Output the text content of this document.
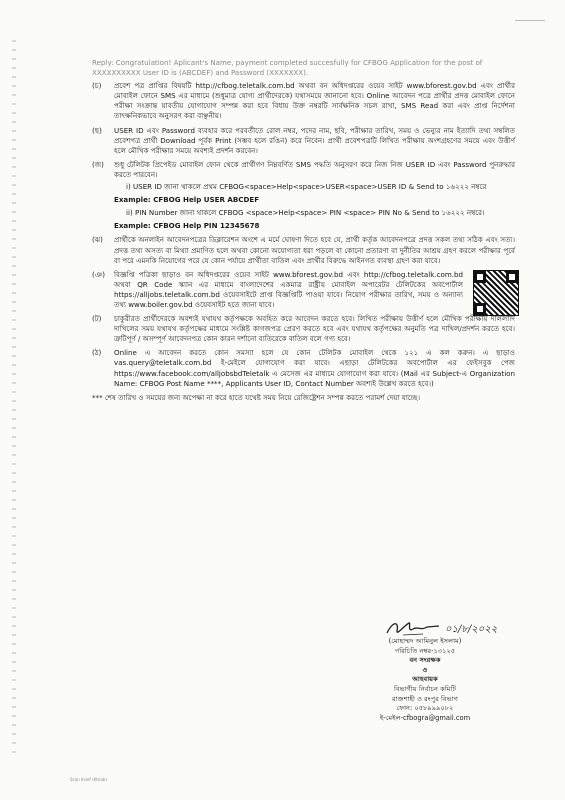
Reply: Congratulation! Aplicant's Name, payment completed succesfully for CFBOG Application for the post of XXXXXXXXXX User ID is (ABCDEF) and Password (XXXXXXX).
(চ) প্রবেশ পত্র প্রাপ্তির বিষয়টি http://cfbog.teletalk.com.bd অথবা বন অধিদপ্তরের ওয়েব সাইট www.bforest.gov.bd এবং প্রার্থীর মোবাইল ফোনে SMS এর মাধ্যমে (শুধুমাত্র যোগ্য প্রার্থীদেরকে) যথাসময়ে জানানো হবে। Online আবেদন পত্রে প্রার্থীর প্রদত্ত মোবাইল ফোনে পরীক্ষা সংক্রান্ত যাবতীয় যোগাযোগ সম্পন্ন করা হবে বিধায় উক্ত নম্বরটি সার্বক্ষনিক সচল রাখা, SMS Read করা এবং প্রাপ্ত নির্দেশনা তাৎক্ষনিকভাবে অনুসরণ করা বাঞ্ছনীয়।
(ছ) USER ID এবং Password ব্যবহার করে পরবর্তীতে রোল নম্বর, পদের নাম, ছবি, পরীক্ষার তারিখ, সময় ও ভেন্যুর নাম ইত্যাদি তথ্য সম্বলিত প্রবেশপত্র প্রার্থী Download পূর্বক Print (সম্ভব হলে রঙিন) করে নিবেন। প্রার্থী প্রবেশপত্রটি লিখিত পরীক্ষায় অংশগ্রহণের সময়ে এবং উত্তীর্ণ হলে মৌখিক পরীক্ষার সময়ে অবশ্যই প্রদর্শন করবেন।
(জ) শুধু টেলিটক প্রিপেইড মোবাইল ফোন থেকে প্রার্থীগণ নিম্নবর্ণিত SMS পদ্ধতি অনুসরণ করে নিজ নিজ USER ID এবং Password পুনরুদ্ধার করতে পারবেন।
i) USER ID জানা থাকলে প্রথম CFBOG<space>Help<space>USER<space>USER ID & Send to ১৬২২২ নম্বরে
Example: CFBOG Help USER ABCDEF
ii) PIN Number জানা থাকলে CFBOG <space>Help<space> PIN <space> PIN No & Send to ১৬২২২ নম্বরে।
Example: CFBOG Help PIN 12345678
(ঝ) প্রার্থীকে অনলাইন আবেদনপত্রের ডিক্লারেশন অংশে এ মর্মে ঘোষণা দিতে হবে যে, প্রার্থী কর্তৃক আবেদনপত্রে প্রদত্ত সকল তথ্য সঠিক এবং সত্য। প্রদত্ত তথ্য অসত্য বা মিথ্যা প্রমাণিত হলে অথবা কোনো অযোগ্যতা ধরা পড়লে বা কোনো প্রতারণা বা দুর্নীতির আশ্রয় গ্রহণ করলে পরীক্ষার পূর্বে বা পরে এমনকি নিয়োগের পরে যে কোন পর্যায়ে প্রার্থীতা বাতিল এবং প্রার্থীর বিরুদ্ধে আইনগত ব্যবস্থা গ্রহণ করা যাবে।
(ঞ) বিজ্ঞপ্তি পত্রিকা ছাড়াও বন অধিদপ্তরের ওয়েব সাইট www.bforest.gov.bd এবং http://cfbog.teletalk.com.bd অথবা QR Code স্ক্যান এর মাধ্যমে বাংলাদেশের একমাত্র রাষ্ট্রীয় মোবাইল অপারেটর টেলিটকের অবপোর্টাল https://alljobs.teletalk.com.bd ওয়েবসাইটে প্রাপ্ত বিজ্ঞপ্তিটি পাওয়া যাবে। নিয়োগ পরীক্ষার তারিখ, সময় ও অন্যান্য তথ্য www.boiler.gov.bd ওয়েবসাইট হতে জানা যাবে।
(ট) চাকুরীরত প্রার্থীদেরকে অবশ্যই যথাযথ কর্তৃপক্ষকে অবহিত করে আবেদন করতে হবে। লিখিত পরীক্ষায় উত্তীর্ণ হলে মৌখিক পরীক্ষায় দলিলাদি দাখিলের সময় যথাযথ কর্তৃপক্ষের মাধ্যমে সংশ্লিষ্ট কাগজপত্র প্রেরণ করতে হবে এবং যথাযথ কর্তৃপক্ষের অনুমতি পত্র দাখিল/প্রদর্শন করতে হবে। ত্রুটিপূর্ণ / অসম্পূর্ণ আবেদনপত্র কোন কারন দর্শানো ব্যতিরেকে বাতিল বলে গণ্য হবে।
(ঠ) Online এ আবেদন করতে কোন সমস্যা হলে যে কোন টেলিটক মোবাইল থেকে ১২১ এ কল করুন। এ ছাড়াও vas.query@teletalk.com.bd ই-মেইলে যোগাযোগ করা যাবে। এছাড়া টেলিটকের অবপোর্টাল এর ফেইসবুক পেজ https://www.facebook.com/alljobsbdTeletalk এ মেসেজ এর মাধ্যমে যোগাযোগ করা যাবে। (Mail এর Subject-এ Organization Name: CFBOG Post Name ****, Applicants User ID, Contact Number অবশ্যই উল্লেখ করতে হবে।)
*** শেষ তারিখ ও সময়ের জন্য অপেক্ষা না করে হাতে যথেষ্ট সময় নিয়ে রেজিষ্ট্রেশন সম্পন্ন করতে পরামর্শ দেয়া যাচ্ছে।
০১/৮/২০২২
(মোহাম্মদ আমিনুল ইসলাম)
পরিচিতি নম্বর-১৩১২৫
বন সংরক্ষক
ও
আহবায়ক
বিভাগীয় নির্বাচন কমিটি
রাজশাহী ও রংপুর বিভাগ
ফোন: ০৫৮৯৯৯০৮২
ই-মেইল-cfbogra@gmail.com
Scan Itself (Ktnab)
